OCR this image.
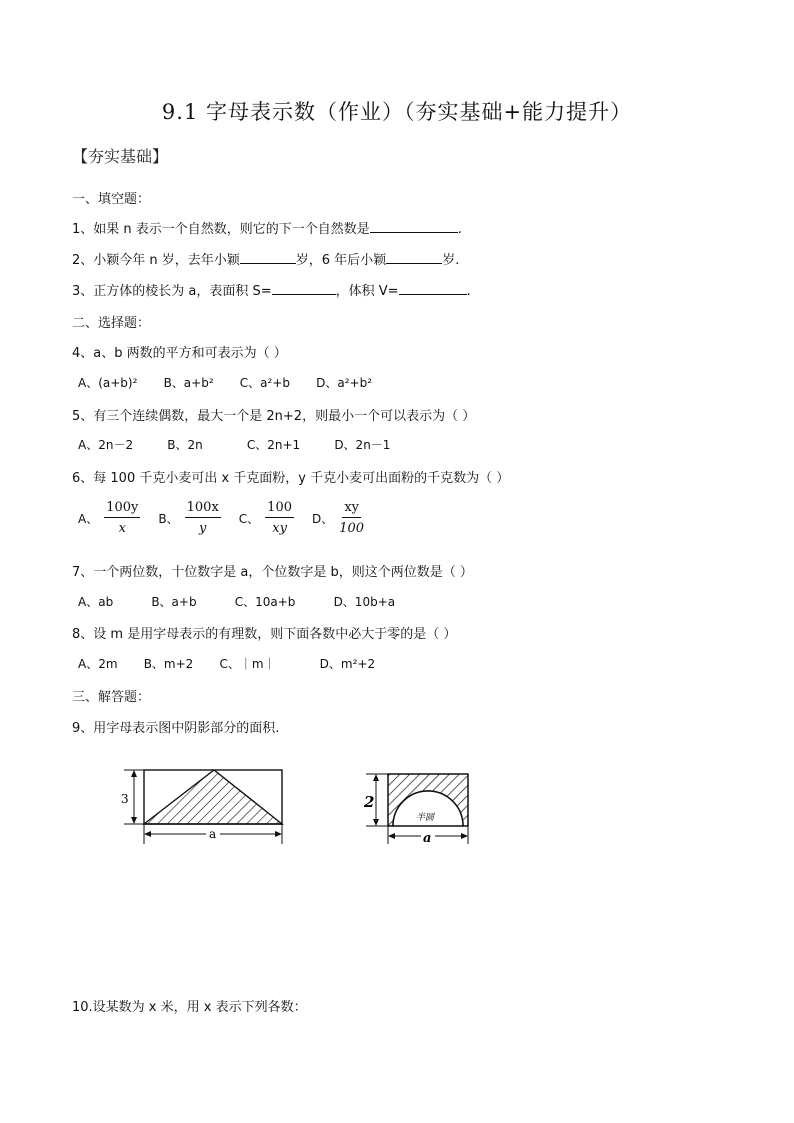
9.1 字母表示数（作业）（夯实基础+能力提升）
【夯实基础】
一、填空题：
1、如果 n 表示一个自然数，则它的下一个自然数是	.
2、小颖今年 n 岁，去年小颖	岁，6 年后小颖	岁.
3、正方体的棱长为 a，表面积 S=	，体积 V=	.
二、选择题：
4、a、b 两数的平方和可表示为（ ）
A、(a+b)² B、a+b² C、a²+b D、a²+b²
5、有三个连续偶数，最大一个是 2n+2，则最小一个可以表示为（ ）
A、2n－2	B、2n	C、2n+1	D、2n－1
6、每 100 千克小麦可出 x 千克面粉，y 千克小麦可出面粉的千克数为（ ）
A、 $\frac{100y}{x}$ B、 $\frac{100x}{y}$ C、 $\frac{100}{xy}$ D、 $\frac{xy}{100}$
7、一个两位数，十位数字是 a，个位数字是 b，则这个两位数是（ ）
A、ab	B、a+b	C、10a+b	D、10b+a
8、设 m 是用字母表示的有理数，则下面各数中必大于零的是（ ）
A、2m B、m+2 C、｜m｜	D、m²+2
三、解答题：
9、用字母表示图中阴影部分的面积.
3
a
半圆
2
a
10.设某数为 x 米，用 x 表示下列各数：
